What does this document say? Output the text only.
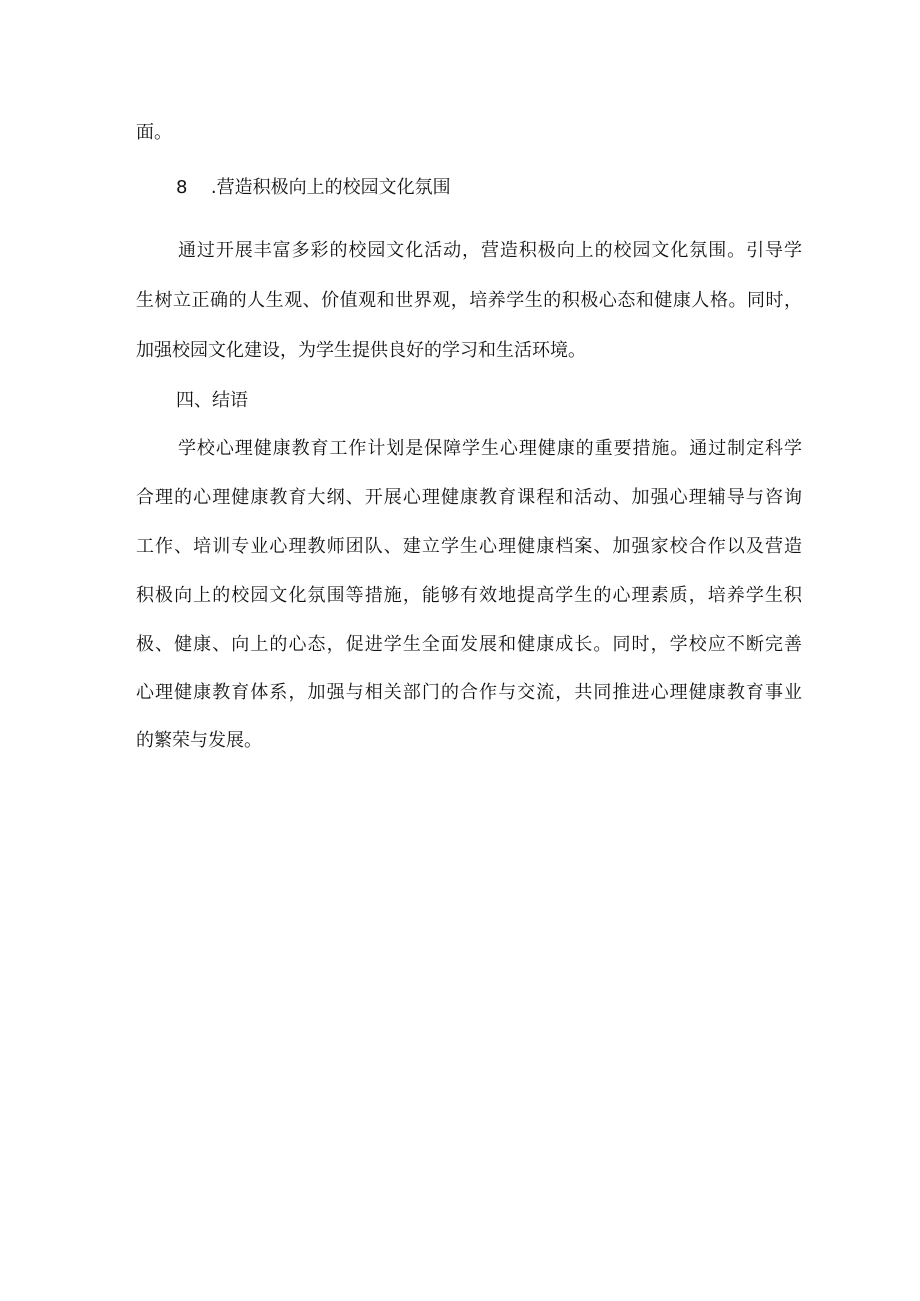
面。
8 .营造积极向上的校园文化氛围
通过开展丰富多彩的校园文化活动，营造积极向上的校园文化氛围。引导学
生树立正确的人生观、价值观和世界观，培养学生的积极心态和健康人格。同时，
加强校园文化建设，为学生提供良好的学习和生活环境。
四、结语
学校心理健康教育工作计划是保障学生心理健康的重要措施。通过制定科学
合理的心理健康教育大纲、开展心理健康教育课程和活动、加强心理辅导与咨询
工作、培训专业心理教师团队、建立学生心理健康档案、加强家校合作以及营造
积极向上的校园文化氛围等措施，能够有效地提高学生的心理素质，培养学生积
极、健康、向上的心态，促进学生全面发展和健康成长。同时，学校应不断完善
心理健康教育体系，加强与相关部门的合作与交流，共同推进心理健康教育事业
的繁荣与发展。
